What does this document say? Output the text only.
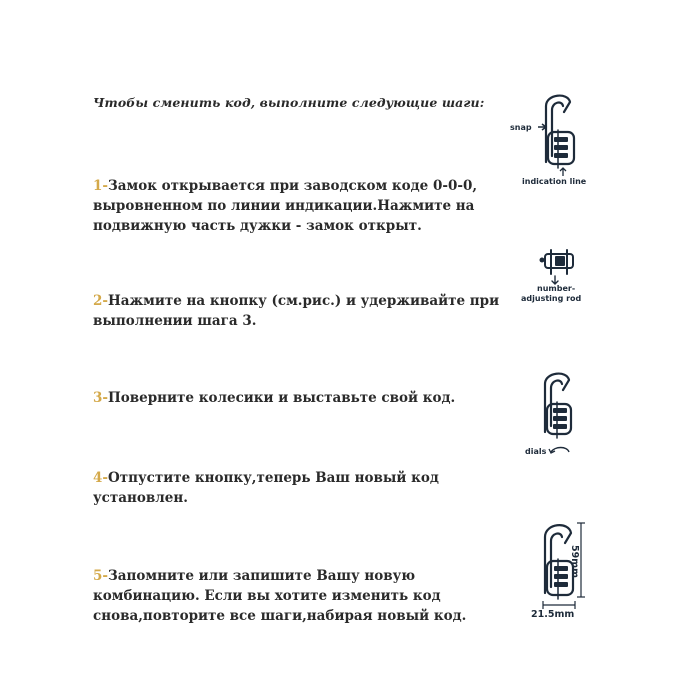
Чтобы сменить код, выполните следующие шаги:
1-Замок открывается при заводском коде 0-0-0, выровненном по линии индикации.Нажмите на подвижную часть дужки - замок открыт.
2-Нажмите на кнопку (см.рис.) и удерживайте при выполнении шага 3.
3-Поверните колесики и выставьте свой код.
4-Отпустите кнопку,теперь Ваш новый код установлен.
5-Запомните или запишите Вашу новую комбинацию. Если вы хотите изменить код снова,повторите все шаги,набирая новый код.
snap
indication line
number-
adjusting rod
dials
59mm
21.5mm
